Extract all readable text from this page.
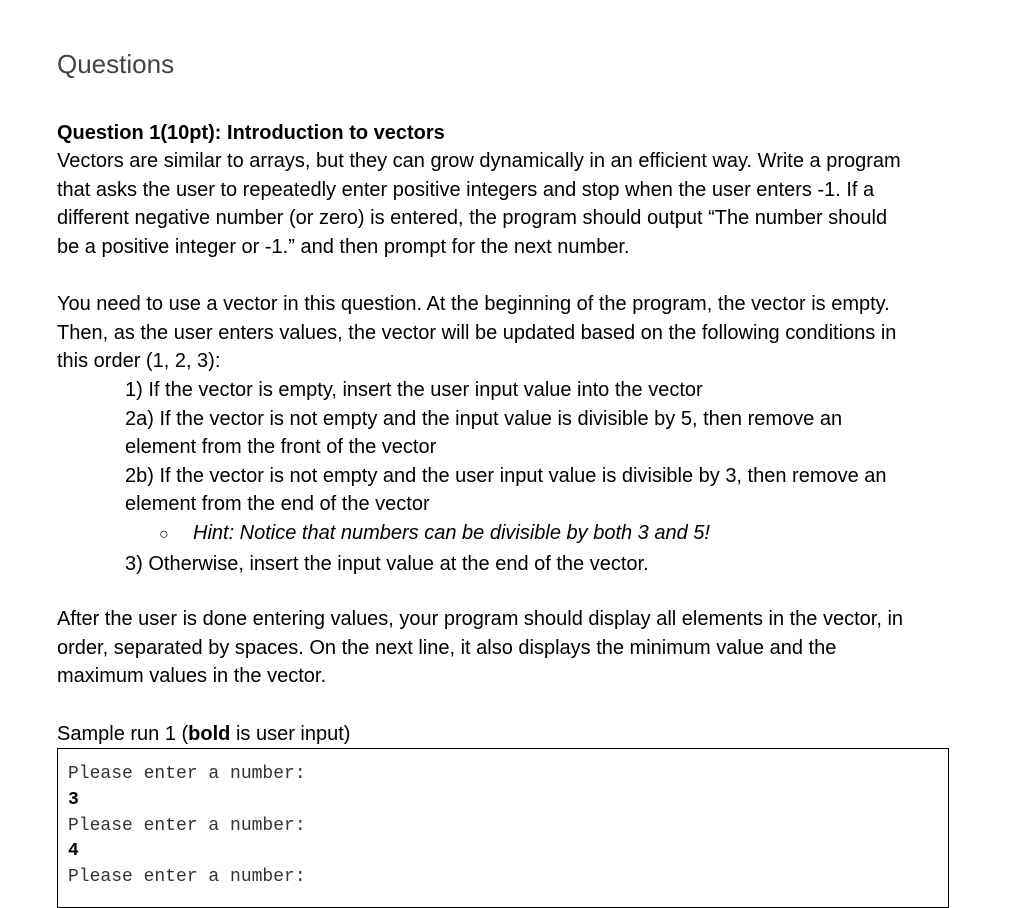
Questions
Question 1(10pt): Introduction to vectors
Vectors are similar to arrays, but they can grow dynamically in an efficient way. Write a program
that asks the user to repeatedly enter positive integers and stop when the user enters -1. If a
different negative number (or zero) is entered, the program should output “The number should
be a positive integer or -1.” and then prompt for the next number.
You need to use a vector in this question. At the beginning of the program, the vector is empty.
Then, as the user enters values, the vector will be updated based on the following conditions in
this order (1, 2, 3):
1) If the vector is empty, insert the user input value into the vector
2a) If the vector is not empty and the input value is divisible by 5, then remove an
element from the front of the vector
2b) If the vector is not empty and the user input value is divisible by 3, then remove an
element from the end of the vector
○ Hint: Notice that numbers can be divisible by both 3 and 5!
3) Otherwise, insert the input value at the end of the vector.
After the user is done entering values, your program should display all elements in the vector, in
order, separated by spaces. On the next line, it also displays the minimum value and the
maximum values in the vector.
Sample run 1 (bold is user input)
Please enter a number:
3
Please enter a number:
4
Please enter a number:
